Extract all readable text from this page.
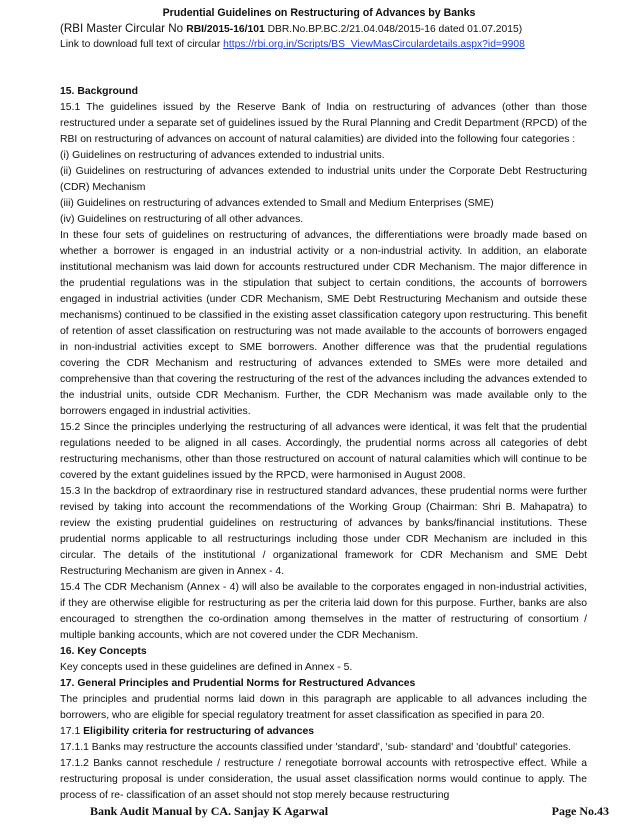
Prudential Guidelines on Restructuring of Advances by Banks
(RBI Master Circular No RBI/2015-16/101 DBR.No.BP.BC.2/21.04.048/2015-16 dated 01.07.2015)
Link to download full text of circular https://rbi.org.in/Scripts/BS_ViewMasCirculardetails.aspx?id=9908

15. Background

15.1 The guidelines issued by the Reserve Bank of India on restructuring of advances (other than those restructured under a separate set of guidelines issued by the Rural Planning and Credit Department (RPCD) of the RBI on restructuring of advances on account of natural calamities) are divided into the following four categories :

(i) Guidelines on restructuring of advances extended to industrial units.

(ii) Guidelines on restructuring of advances extended to industrial units under the Corporate Debt Restructuring (CDR) Mechanism

(iii) Guidelines on restructuring of advances extended to Small and Medium Enterprises (SME)

(iv) Guidelines on restructuring of all other advances.

In these four sets of guidelines on restructuring of advances, the differentiations were broadly made based on whether a borrower is engaged in an industrial activity or a non-industrial activity. In addition, an elaborate institutional mechanism was laid down for accounts restructured under CDR Mechanism. The major difference in the prudential regulations was in the stipulation that subject to certain conditions, the accounts of borrowers engaged in industrial activities (under CDR Mechanism, SME Debt Restructuring Mechanism and outside these mechanisms) continued to be classified in the existing asset classification category upon restructuring. This benefit of retention of asset classification on restructuring was not made available to the accounts of borrowers engaged in non-industrial activities except to SME borrowers. Another difference was that the prudential regulations covering the CDR Mechanism and restructuring of advances extended to SMEs were more detailed and comprehensive than that covering the restructuring of the rest of the advances including the advances extended to the industrial units, outside CDR Mechanism. Further, the CDR Mechanism was made available only to the borrowers engaged in industrial activities.

15.2 Since the principles underlying the restructuring of all advances were identical, it was felt that the prudential regulations needed to be aligned in all cases. Accordingly, the prudential norms across all categories of debt restructuring mechanisms, other than those restructured on account of natural calamities which will continue to be covered by the extant guidelines issued by the RPCD, were harmonised in August 2008.

15.3 In the backdrop of extraordinary rise in restructured standard advances, these prudential norms were further revised by taking into account the recommendations of the Working Group (Chairman: Shri B. Mahapatra) to review the existing prudential guidelines on restructuring of advances by banks/financial institutions. These prudential norms applicable to all restructurings including those under CDR Mechanism are included in this circular. The details of the institutional / organizational framework for CDR Mechanism and SME Debt Restructuring Mechanism are given in Annex - 4.

15.4 The CDR Mechanism (Annex - 4) will also be available to the corporates engaged in non-industrial activities, if they are otherwise eligible for restructuring as per the criteria laid down for this purpose. Further, banks are also encouraged to strengthen the co-ordination among themselves in the matter of restructuring of consortium / multiple banking accounts, which are not covered under the CDR Mechanism.

16. Key Concepts

Key concepts used in these guidelines are defined in Annex - 5.

17. General Principles and Prudential Norms for Restructured Advances

The principles and prudential norms laid down in this paragraph are applicable to all advances including the borrowers, who are eligible for special regulatory treatment for asset classification as specified in para 20.

17.1 Eligibility criteria for restructuring of advances

17.1.1 Banks may restructure the accounts classified under 'standard', 'sub- standard' and 'doubtful' categories.

17.1.2 Banks cannot reschedule / restructure / renegotiate borrowal accounts with retrospective effect. While a restructuring proposal is under consideration, the usual asset classification norms would continue to apply. The process of re- classification of an asset should not stop merely because restructuring

Bank Audit Manual by CA. Sanjay K Agarwal	Page No.43
